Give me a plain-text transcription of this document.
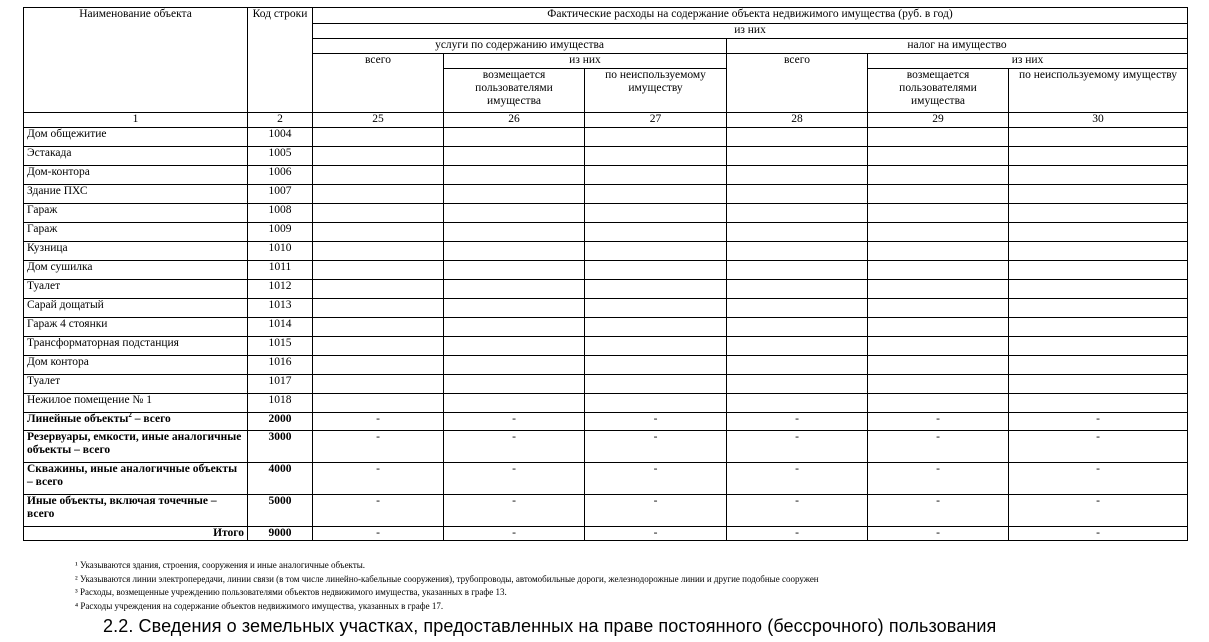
Наименование объекта	Код строки	Фактические расходы на содержание объекта недвижимого имущества (руб. в год)					
		из них					
		услуги по содержанию имущества			налог на имущество		
		всего	из них		всего	из них	
			возмещается пользователями имущества	по неиспользуемому имуществу		возмещается пользователями имущества	по неиспользуемому имуществу
1	2	25	26	27	28	29	30
Дом общежитие	1004						
Эстакада	1005						
Дом-контора	1006						
Здание ПХС	1007						
Гараж	1008						
Гараж	1009						
Кузница	1010						
Дом сушилка	1011						
Туалет	1012						
Сарай дощатый	1013						
Гараж 4 стоянки	1014						
Трансформаторная подстанция	1015						
Дом контора	1016						
Туалет	1017						
Нежилое помещение № 1	1018						
Линейные объекты$^2$ – всего	2000	-	-	-	-	-	-
Резервуары, емкости, иные аналогичные объекты – всего	3000	-	-	-	-	-	-
Скважины, иные аналогичные объекты – всего	4000	-	-	-	-	-	-
Иные объекты, включая точечные – всего	5000	-	-	-	-	-	-
Итого	9000	-	-	-	-	-	-
¹ Указываются здания, строения, сооружения и иные аналогичные объекты.
² Указываются линии электропередачи, линии связи (в том числе линейно-кабельные сооружения), трубопроводы, автомобильные дороги, железнодорожные линии и другие подобные сооружен
³ Расходы, возмещенные учреждению пользователями объектов недвижимого имущества, указанных в графе 13.
⁴ Расходы учреждения на содержание объектов недвижимого имущества, указанных в графе 17.
2.2. Сведения о земельных участках, предоставленных на праве постоянного (бессрочного) пользования
